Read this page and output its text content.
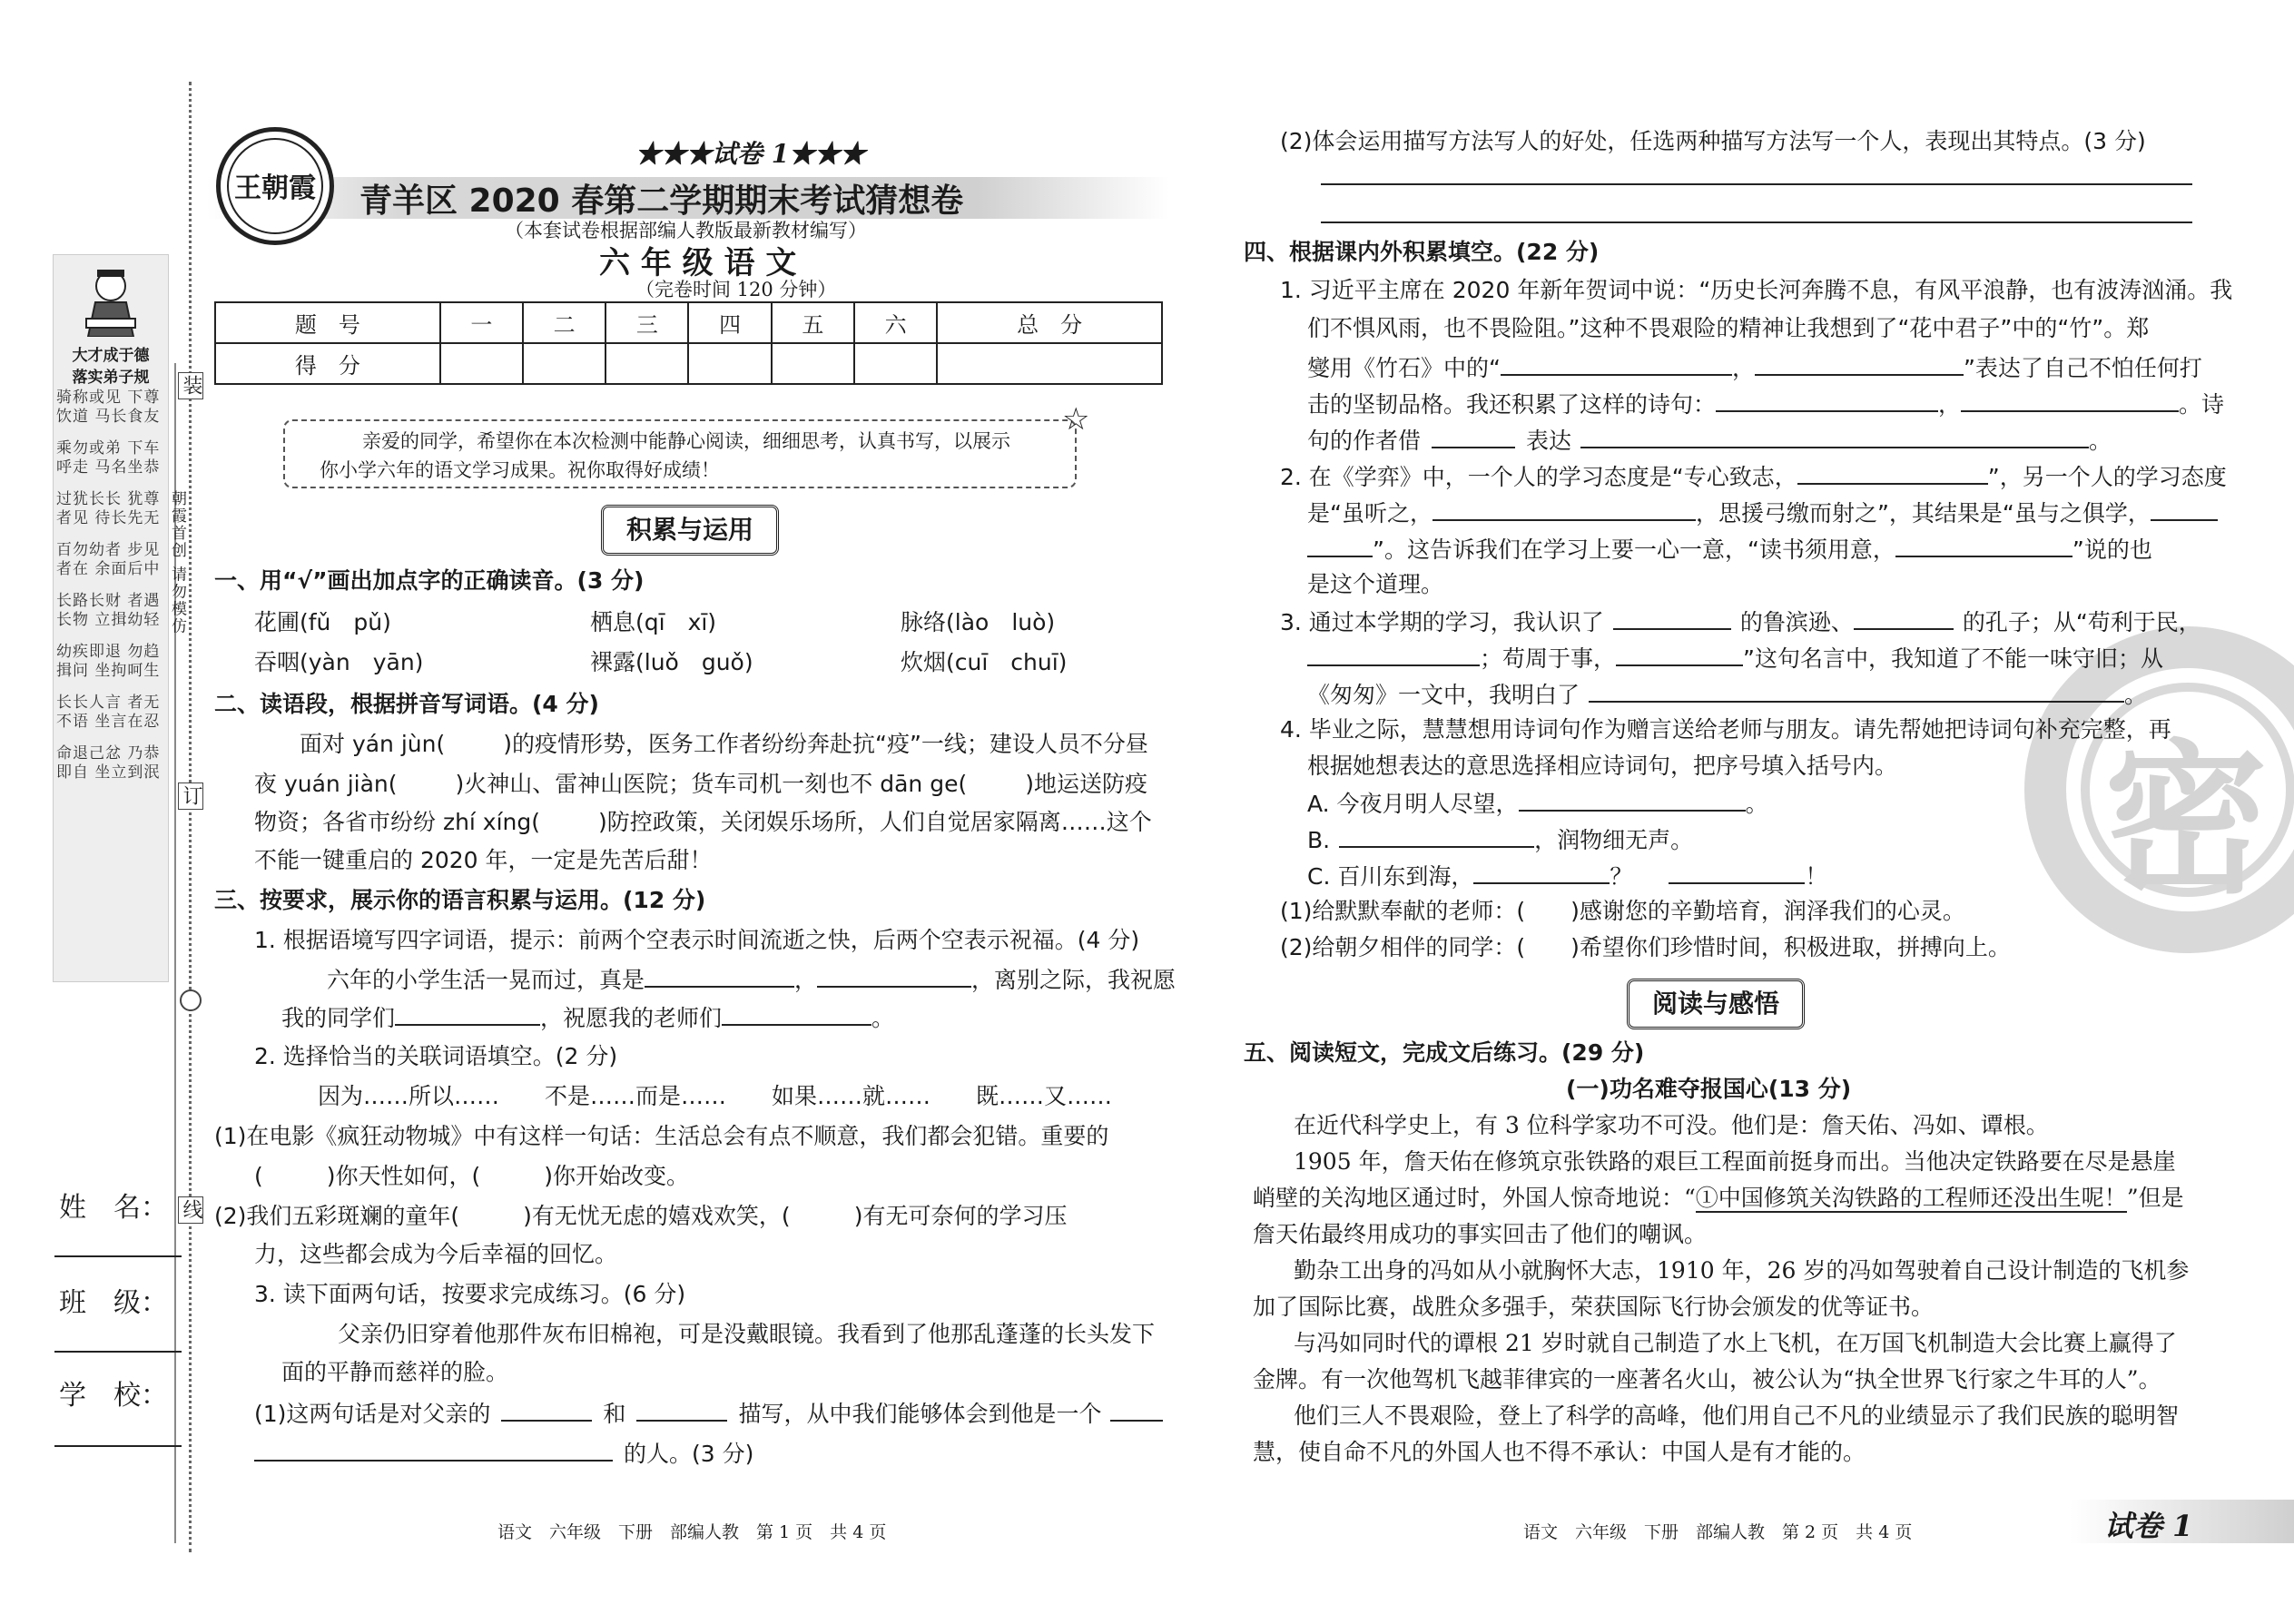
大才成于德
落实弟子规
骑称或见 下尊饮道 马长食友
乘勿或弟 下车呼走 马名坐恭
过犹长长 犹尊者见 待长先无
百勿幼者 步见者在 余面后中
长路长财 者遇长物 立揖幼轻
幼疾即退 勿趋揖问 坐拘呵生
长长人言 者无不语 坐言在忍
命退己忿 乃恭即自 坐立到泯
装
朝霞首创 请勿模仿
订
线
姓　名：
班　级：
学　校：
王朝霞
★★★试卷 1★★★
青羊区 2020 春第二学期期末考试猜想卷
（本套试卷根据部编人教版最新教材编写）
六 年 级 语 文
（完卷时间 120 分钟）
题　号	一	二	三	四	五	六	总　分
得　分							
亲爱的同学，希望你在本次检测中能静心阅读，细细思考，认真书写，以展示
你小学六年的语文学习成果。祝你取得好成绩！
☆
积累与运用
一、用“√”画出加点字的正确读音。(3 分)
花圃(fǔ　pǔ)	栖息(qī　xī)	脉络(lào　luò)
吞咽(yàn　yān)	裸露(luǒ　guǒ)	炊烟(cuī　chuī)
二、读语段，根据拼音写词语。(4 分)
面对 yán jùn(	)的疫情形势，医务工作者纷纷奔赴抗“疫”一线；建设人员不分昼
夜 yuán jiàn(	)火神山、雷神山医院；货车司机一刻也不 dān ge(	)地运送防疫
物资；各省市纷纷 zhí xíng(	)防控政策，关闭娱乐场所，人们自觉居家隔离……这个
不能一键重启的 2020 年，一定是先苦后甜！
三、按要求，展示你的语言积累与运用。(12 分)
1. 根据语境写四字词语，提示：前两个空表示时间流逝之快，后两个空表示祝福。(4 分)
六年的小学生活一晃而过，真是	，	，离别之际，我祝愿
我的同学们	，祝愿我的老师们	。
2. 选择恰当的关联词语填空。(2 分)
因为……所以……　　不是……而是……　　如果……就……　　既……又……
(1)在电影《疯狂动物城》中有这样一句话：生活总会有点不顺意，我们都会犯错。重要的
(	)你天性如何，(	)你开始改变。
(2)我们五彩斑斓的童年(	)有无忧无虑的嬉戏欢笑，(	)有无可奈何的学习压
力，这些都会成为今后幸福的回忆。
3. 读下面两句话，按要求完成练习。(6 分)
父亲仍旧穿着他那件灰布旧棉袍，可是没戴眼镜。我看到了他那乱蓬蓬的长头发下
面的平静而慈祥的脸。
(1)这两句话是对父亲的	和	描写，从中我们能够体会到他是一个
的人。(3 分)
语文　六年级　下册　部编人教　第 1 页　共 4 页
密
(2)体会运用描写方法写人的好处，任选两种描写方法写一个人，表现出其特点。(3 分)
四、根据课内外积累填空。(22 分)
1. 习近平主席在 2020 年新年贺词中说：“历史长河奔腾不息，有风平浪静，也有波涛汹涌。我
们不惧风雨，也不畏险阻。”这种不畏艰险的精神让我想到了“花中君子”中的“竹”。郑
燮用《竹石》中的“	，	”表达了自己不怕任何打
击的坚韧品格。我还积累了这样的诗句：	，	。诗
句的作者借	表达	。
2. 在《学弈》中，一个人的学习态度是“专心致志，	”，另一个人的学习态度
是“虽听之，	，思援弓缴而射之”，其结果是“虽与之俱学，
”。这告诉我们在学习上要一心一意，“读书须用意，	”说的也
是这个道理。
3. 通过本学期的学习，我认识了	的鲁滨逊、	的孔子；从“苟利于民，
；苟周于事，	”这句名言中，我知道了不能一味守旧；从
《匆匆》一文中，我明白了	。
4. 毕业之际，慧慧想用诗词句作为赠言送给老师与朋友。请先帮她把诗词句补充完整，再
根据她想表达的意思选择相应诗词句，把序号填入括号内。
A. 今夜月明人尽望，	。
B.	，润物细无声。
C. 百川东到海，	？	！
(1)给默默奉献的老师：(　　)感谢您的辛勤培育，润泽我们的心灵。
(2)给朝夕相伴的同学：(　　)希望你们珍惜时间，积极进取，拼搏向上。
阅读与感悟
五、阅读短文，完成文后练习。(29 分)
(一)功名难夺报国心(13 分)
在近代科学史上，有 3 位科学家功不可没。他们是：詹天佑、冯如、谭根。
1905 年，詹天佑在修筑京张铁路的艰巨工程面前挺身而出。当他决定铁路要在尽是悬崖
峭壁的关沟地区通过时，外国人惊奇地说：“①中国修筑关沟铁路的工程师还没出生呢！”但是
詹天佑最终用成功的事实回击了他们的嘲讽。
勤杂工出身的冯如从小就胸怀大志，1910 年，26 岁的冯如驾驶着自己设计制造的飞机参
加了国际比赛，战胜众多强手，荣获国际飞行协会颁发的优等证书。
与冯如同时代的谭根 21 岁时就自己制造了水上飞机，在万国飞机制造大会比赛上赢得了
金牌。有一次他驾机飞越菲律宾的一座著名火山，被公认为“执全世界飞行家之牛耳的人”。
他们三人不畏艰险，登上了科学的高峰，他们用自己不凡的业绩显示了我们民族的聪明智
慧，使自命不凡的外国人也不得不承认：中国人是有才能的。
语文　六年级　下册　部编人教　第 2 页　共 4 页	试卷 1
